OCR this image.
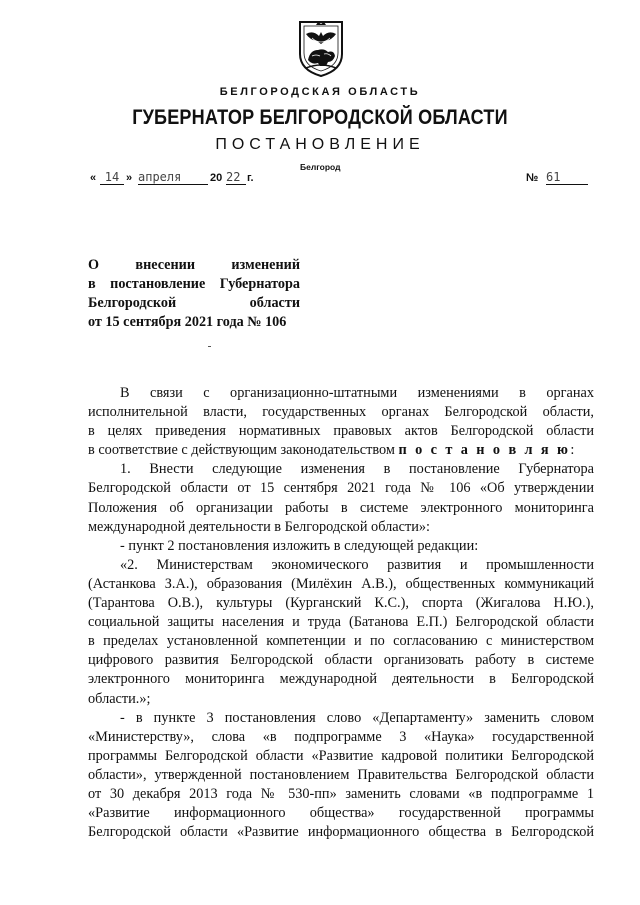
БЕЛГОРОДСКАЯ ОБЛАСТЬ
ГУБЕРНАТОР БЕЛГОРОДСКОЙ ОБЛАСТИ
ПОСТАНОВЛЕНИЕ
Белгород
« 14 » апреля	20 22 г.	№ 61
О внесении изменений
в постановление Губернатора
Белгородской области
от 15 сентября 2021 года № 106
В связи с организационно-штатными изменениями в органах
исполнительной власти, государственных органах Белгородской области,
в целях приведения нормативных правовых актов Белгородской области
в соответствие с действующим законодательством п о с т а н о в л я ю:
1. Внести следующие изменения в постановление Губернатора
Белгородской области от 15 сентября 2021 года № 106 «Об утверждении
Положения об организации работы в системе электронного мониторинга
международной деятельности в Белгородской области»:
- пункт 2 постановления изложить в следующей редакции:
«2. Министерствам экономического развития и промышленности
(Астанкова З.А.), образования (Милёхин А.В.), общественных коммуникаций
(Тарантова О.В.), культуры (Курганский К.С.), спорта (Жигалова Н.Ю.),
социальной защиты населения и труда (Батанова Е.П.) Белгородской области
в пределах установленной компетенции и по согласованию с министерством
цифрового развития Белгородской области организовать работу в системе
электронного мониторинга международной деятельности в Белгородской
области.»;
- в пункте 3 постановления слово «Департаменту» заменить словом
«Министерству», слова «в подпрограмме 3 «Наука» государственной
программы Белгородской области «Развитие кадровой политики Белгородской
области», утвержденной постановлением Правительства Белгородской области
от 30 декабря 2013 года № 530-пп» заменить словами «в подпрограмме 1
«Развитие информационного общества» государственной программы
Белгородской области «Развитие информационного общества в Белгородской
